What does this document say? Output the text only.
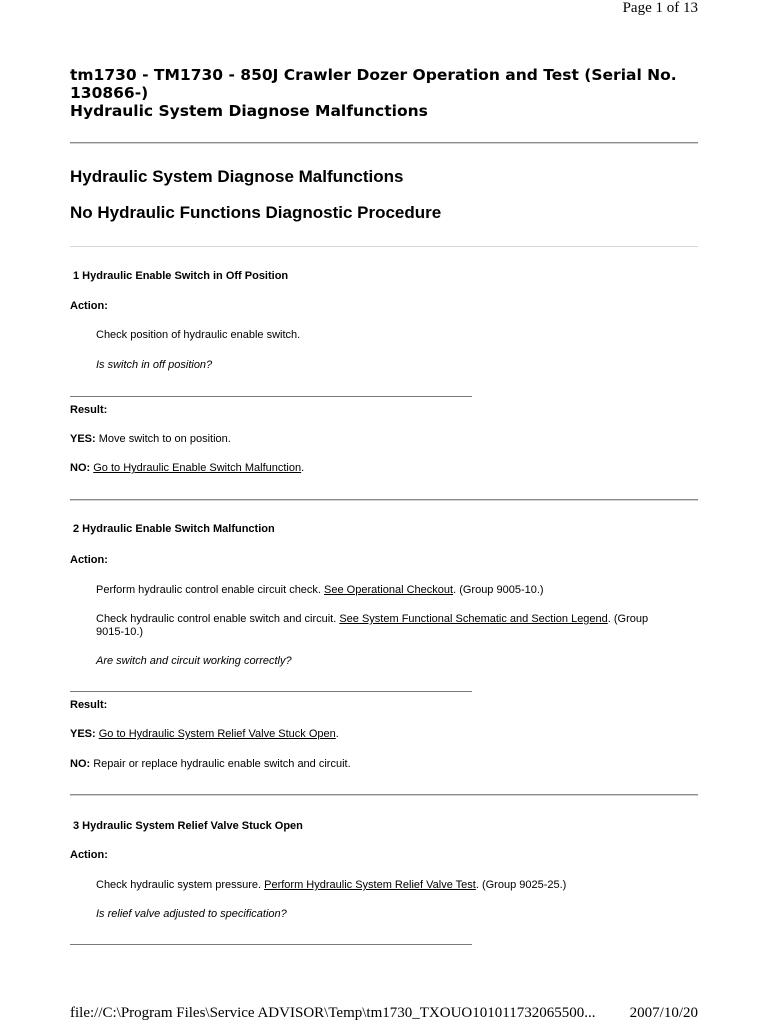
Page 1 of 13
tm1730 - TM1730 - 850J Crawler Dozer Operation and Test (Serial No.
130866-)
Hydraulic System Diagnose Malfunctions
Hydraulic System Diagnose Malfunctions
No Hydraulic Functions Diagnostic Procedure
1 Hydraulic Enable Switch in Off Position
Action:
Check position of hydraulic enable switch.
Is switch in off position?
Result:
YES: Move switch to on position.
NO: Go to Hydraulic Enable Switch Malfunction.
2 Hydraulic Enable Switch Malfunction
Action:
Perform hydraulic control enable circuit check. See Operational Checkout. (Group 9005-10.)
Check hydraulic control enable switch and circuit. See System Functional Schematic and Section Legend. (Group
9015-10.)
Are switch and circuit working correctly?
Result:
YES: Go to Hydraulic System Relief Valve Stuck Open.
NO: Repair or replace hydraulic enable switch and circuit.
3 Hydraulic System Relief Valve Stuck Open
Action:
Check hydraulic system pressure. Perform Hydraulic System Relief Valve Test. (Group 9025-25.)
Is relief valve adjusted to specification?
file://C:\Program Files\Service ADVISOR\Temp\tm1730_TXOUO101011732065500... 2007/10/20
